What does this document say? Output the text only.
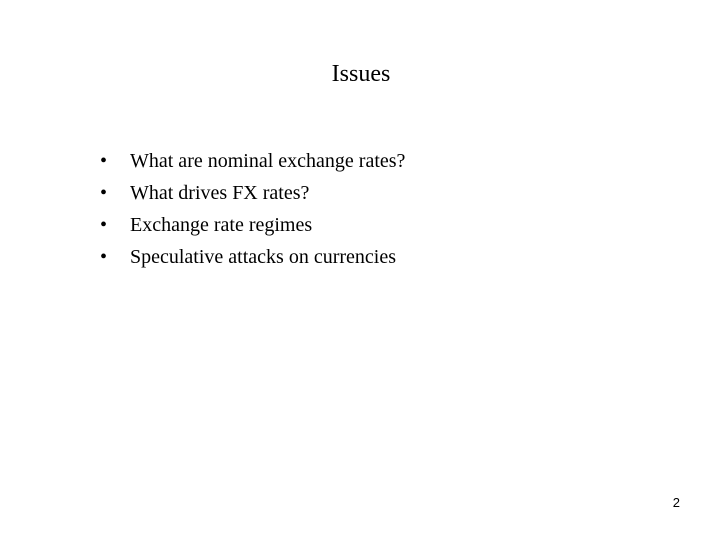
Issues
•	What are nominal exchange rates?
•	What drives FX rates?
•	Exchange rate regimes
•	Speculative attacks on currencies
2
